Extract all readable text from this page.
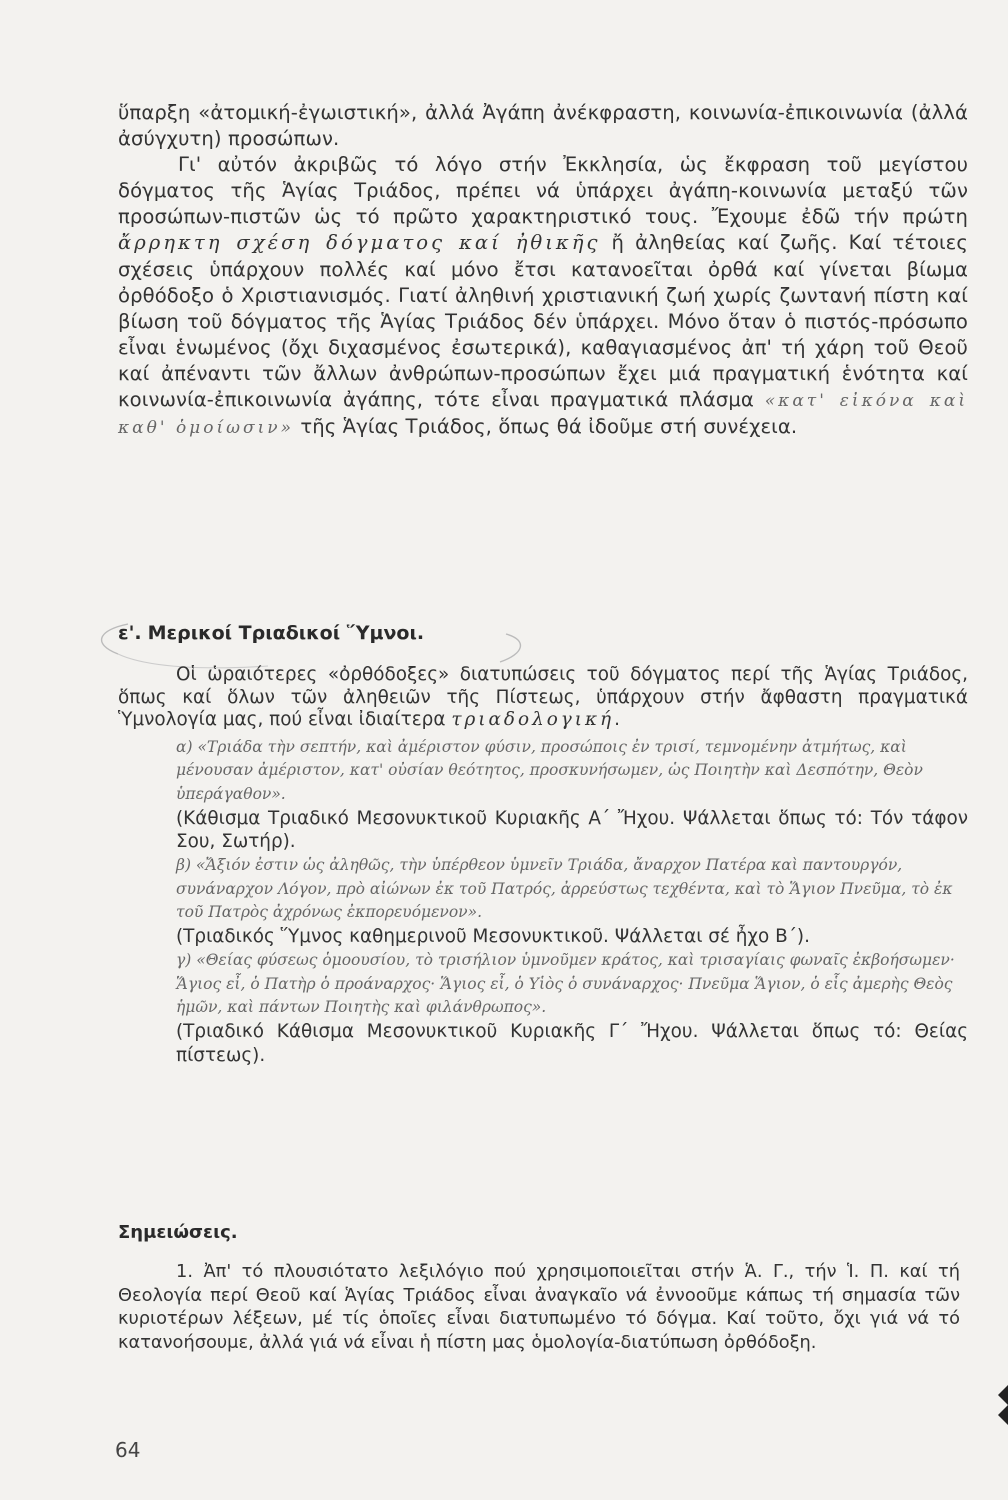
ὕπαρξη «ἀτομική-ἐγωιστική», ἀλλά Ἀγάπη ἀνέκφραστη, κοινωνία-ἐπικοινωνία (ἀλλά ἀσύγχυτη) προσώπων.

Γι' αὐτόν ἀκριβῶς τό λόγο στήν Ἐκκλησία, ὡς ἔκφραση τοῦ μεγίστου δόγματος τῆς Ἁγίας Τριάδος, πρέπει νά ὑπάρχει ἀγάπη-κοινωνία μεταξύ τῶν προσώπων-πιστῶν ὡς τό πρῶτο χαρακτηριστικό τους. Ἔχουμε ἐδῶ τήν πρώτη ἄρρηκτη σχέση δόγματος καί ἠθικῆς ἤ ἀληθείας καί ζωῆς. Καί τέτοιες σχέσεις ὑπάρχουν πολλές καί μόνο ἔτσι κατανοεῖται ὀρθά καί γίνεται βίωμα ὀρθόδοξο ὁ Χριστιανισμός. Γιατί ἀληθινή χριστιανική ζωή χωρίς ζωντανή πίστη καί βίωση τοῦ δόγματος τῆς Ἁγίας Τριάδος δέν ὑπάρχει. Μόνο ὅταν ὁ πιστός-πρόσωπο εἶναι ἑνωμένος (ὄχι διχασμένος ἐσωτερικά), καθαγιασμένος ἀπ' τή χάρη τοῦ Θεοῦ καί ἀπέναντι τῶν ἄλλων ἀνθρώπων-προσώπων ἔχει μιά πραγματική ἑνότητα καί κοινωνία-ἐπικοινωνία ἀγάπης, τότε εἶναι πραγματικά πλάσμα «κατ' εἰκόνα καὶ καθ' ὁμοίωσιν» τῆς Ἁγίας Τριάδος, ὅπως θά ἰδοῦμε στή συνέχεια.

ε'. Μερικοί Τριαδικοί Ὕμνοι.

Οἱ ὡραιότερες «ὀρθόδοξες» διατυπώσεις τοῦ δόγματος περί τῆς Ἁγίας Τριάδος, ὅπως καί ὅλων τῶν ἀληθειῶν τῆς Πίστεως, ὑπάρχουν στήν ἄφθαστη πραγματικά Ὑμνολογία μας, πού εἶναι ἰδιαίτερα τριαδολογική.

α) «Τριάδα τὴν σεπτήν, καὶ ἀμέριστον φύσιν, προσώποις ἐν τρισί, τεμνομένην ἀτμήτως, καὶ μένουσαν ἀμέριστον, κατ' οὐσίαν θεότητος, προσκυνήσωμεν, ὡς Ποιητὴν καὶ Δεσπότην, Θεὸν ὑπεράγαθον».

(Κάθισμα Τριαδικό Μεσονυκτικοῦ Κυριακῆς Α΄ Ἤχου. Ψάλλεται ὅπως τό: Τόν τάφον Σου, Σωτήρ).

β) «Ἄξιόν ἐστιν ὡς ἀληθῶς, τὴν ὑπέρθεον ὑμνεῖν Τριάδα, ἄναρχον Πατέρα καὶ παντουργόν, συνάναρχον Λόγον, πρὸ αἰώνων ἐκ τοῦ Πατρός, ἀρρεύστως τεχθέντα, καὶ τὸ Ἅγιον Πνεῦμα, τὸ ἐκ τοῦ Πατρὸς ἀχρόνως ἐκπορευόμενον».

(Τριαδικός Ὕμνος καθημερινοῦ Μεσονυκτικοῦ. Ψάλλεται σέ ἦχο Β΄).

γ) «Θείας φύσεως ὁμοουσίου, τὸ τρισήλιον ὑμνοῦμεν κράτος, καὶ τρισαγίαις φωναῖς ἐκβοήσωμεν· Ἅγιος εἶ, ὁ Πατὴρ ὁ προάναρχος· Ἅγιος εἶ, ὁ Υἱὸς ὁ συνάναρχος· Πνεῦμα Ἅγιον, ὁ εἷς ἀμερὴς Θεὸς ἡμῶν, καὶ πάντων Ποιητὴς καὶ φιλάνθρωπος».

(Τριαδικό Κάθισμα Μεσονυκτικοῦ Κυριακῆς Γ΄ Ἤχου. Ψάλλεται ὅπως τό: Θείας πίστεως).

Σημειώσεις.

1. Ἀπ' τό πλουσιότατο λεξιλόγιο πού χρησιμοποιεῖται στήν Ἁ. Γ., τήν Ἱ. Π. καί τή Θεολογία περί Θεοῦ καί Ἁγίας Τριάδος εἶναι ἀναγκαῖο νά ἐννοοῦμε κάπως τή σημασία τῶν κυριοτέρων λέξεων, μέ τίς ὁποῖες εἶναι διατυπωμένο τό δόγμα. Καί τοῦτο, ὄχι γιά νά τό κατανοήσουμε, ἀλλά γιά νά εἶναι ἡ πίστη μας ὁμολογία-διατύπωση ὀρθόδοξη.

64
